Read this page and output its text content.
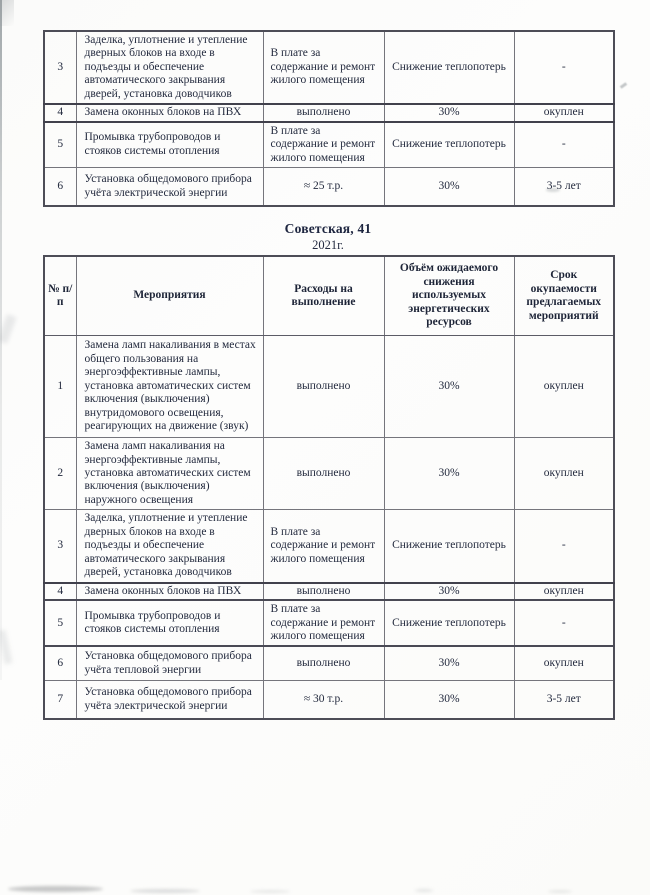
3	Заделка, уплотнение и утепление дверных блоков на входе в подъезды и обеспечение автоматического закрывания дверей, установка доводчиков	В плате за содержание и ремонт жилого помещения	Снижение теплопотерь	-
4	Замена оконных блоков на ПВХ	выполнено	30%	окуплен
5	Промывка трубопроводов и стояков системы отопления	В плате за содержание и ремонт жилого помещения	Снижение теплопотерь	-
6	Установка общедомового прибора учёта электрической энергии	≈ 25 т.р.	30%	3-5 лет
Советская, 41
2021г.
№ п/п	Мероприятия	Расходы на выполнение	Объём ожидаемого снижения используемых энергетических ресурсов	Срок окупаемости предлагаемых мероприятий
1	Замена ламп накаливания в местах общего пользования на энергоэффективные лампы, установка автоматических систем включения (выключения) внутридомового освещения, реагирующих на движение (звук)	выполнено	30%	окуплен
2	Замена ламп накаливания на энергоэффективные лампы, установка автоматических систем включения (выключения) наружного освещения	выполнено	30%	окуплен
3	Заделка, уплотнение и утепление дверных блоков на входе в подъезды и обеспечение автоматического закрывания дверей, установка доводчиков	В плате за содержание и ремонт жилого помещения	Снижение теплопотерь	-
4	Замена оконных блоков на ПВХ	выполнено	30%	окуплен
5	Промывка трубопроводов и стояков системы отопления	В плате за содержание и ремонт жилого помещения	Снижение теплопотерь	-
6	Установка общедомового прибора учёта тепловой энергии	выполнено	30%	окуплен
7	Установка общедомового прибора учёта электрической энергии	≈ 30 т.р.	30%	3-5 лет
